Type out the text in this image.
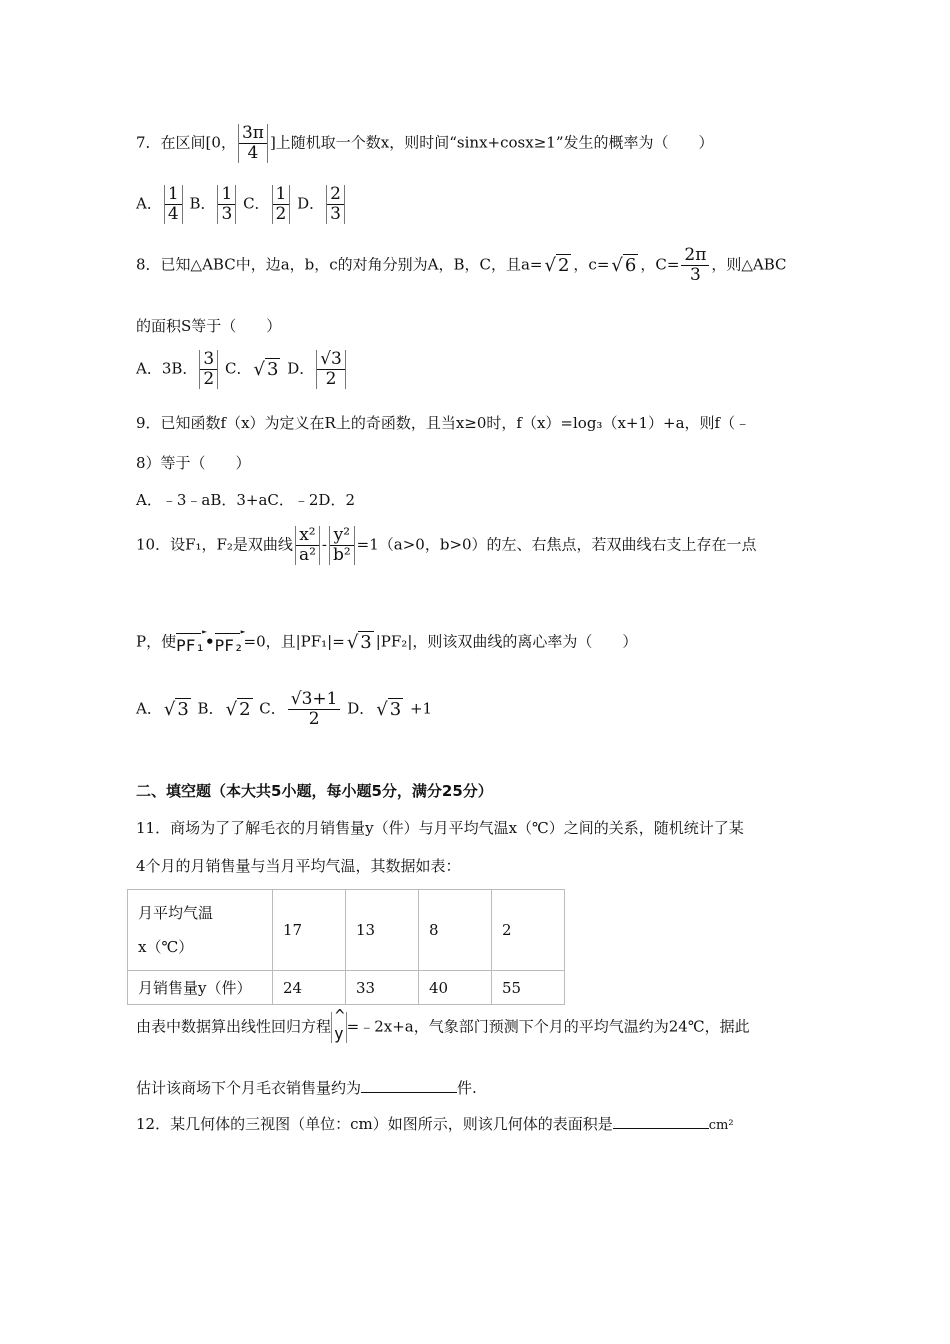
7．在区间[0， $\frac{3\pi}{4}$ ]上随机取一个数x，则时间“sinx+cosx≥1”发生的概率为（　　）
A． $\frac{1}{4}$ B． $\frac{1}{3}$ C． $\frac{1}{2}$ D． $\frac{2}{3}$
8．已知△ABC中，边a，b，c的对角分别为A，B，C，且a= √ 2 ，c= √ 6 ，$C= \frac{2\pi}{3}$ ，则△ABC
的面积S等于（　　）
A．3B． $\frac{3}{2}$ C． √ 3 D． $\frac{√3}{2}$
9．已知函数f（x）为定义在R上的奇函数，且当x≥0时，f（x）=log₃（x+1）+a，则f（﹣
8）等于（　　）
A．﹣3﹣aB．3+aC．﹣2D．2
10．设F₁，F₂是双曲线 $\frac{\text{x²}}{\text{a²}} - \frac{\text{y²}}{\text{b²}} =1(a>0$，b>0）的左、右焦点，若双曲线右支上存在一点
P，使PF₁ ►•PF₂ ►=0，且|PF₁|= √ 3 |PF₂|，则该双曲线的离心率为（　　）
A． √ 3 B． √ 2 C． $\frac{√3+1}{2}$ D． √ 3 +1
二、填空题（本大共5小题，每小题5分，满分25分）
11．商场为了了解毛衣的月销售量y（件）与月平均气温x（℃）之间的关系，随机统计了某
4个月的月销售量与当月平均气温，其数据如表：
月平均气温
x（℃）	17	13	8	2
月销售量y（件）	24	33	40	55
由表中数据算出线性回归方程 ^ y =﹣2x+a，气象部门预测下个月的平均气温约为24℃，据此
估计该商场下个月毛衣销售量约为	件.
12．某几何体的三视图（单位：cm）如图所示，则该几何体的表面积是	cm²
